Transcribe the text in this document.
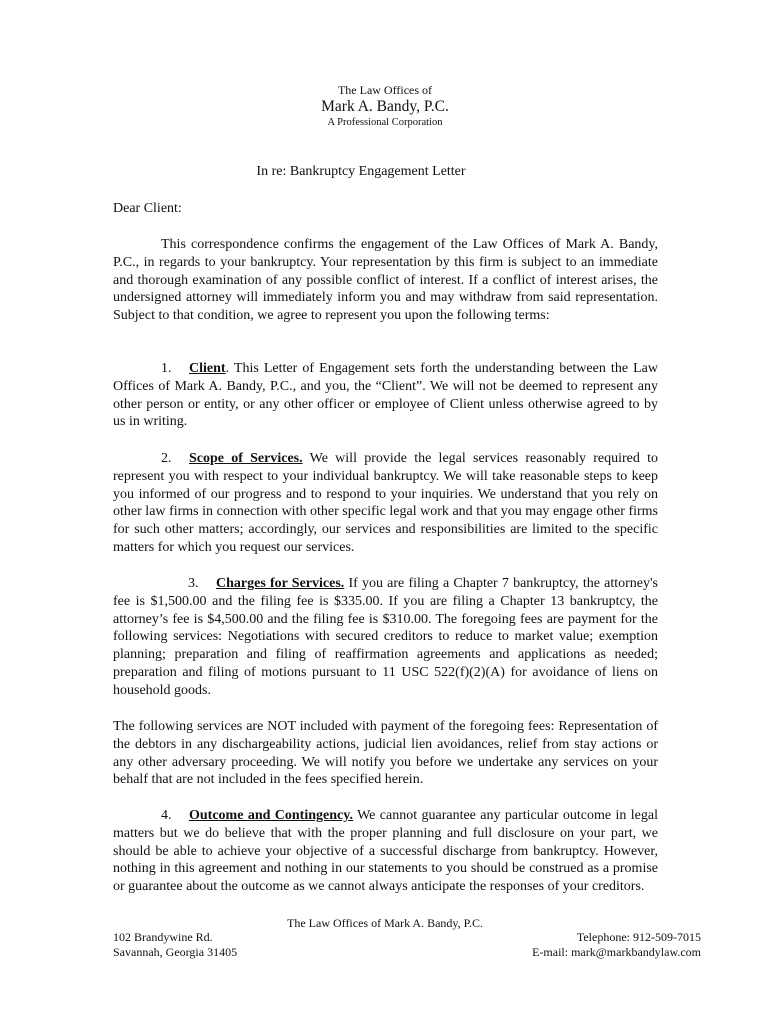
The Law Offices of
Mark A. Bandy, P.C.
A Professional Corporation
In re: Bankruptcy Engagement Letter
Dear Client:

This correspondence confirms the engagement of the Law Offices of Mark A. Bandy, P.C., in regards to your bankruptcy. Your representation by this firm is subject to an immediate and thorough examination of any possible conflict of interest. If a conflict of interest arises, the undersigned attorney will immediately inform you and may withdraw from said representation. Subject to that condition, we agree to represent you upon the following terms:

1. Client. This Letter of Engagement sets forth the understanding between the Law Offices of Mark A. Bandy, P.C., and you, the “Client”. We will not be deemed to represent any other person or entity, or any other officer or employee of Client unless otherwise agreed to by us in writing.

2. Scope of Services. We will provide the legal services reasonably required to represent you with respect to your individual bankruptcy. We will take reasonable steps to keep you informed of our progress and to respond to your inquiries. We understand that you rely on other law firms in connection with other specific legal work and that you may engage other firms for such other matters; accordingly, our services and responsibilities are limited to the specific matters for which you request our services.

3. Charges for Services. If you are filing a Chapter 7 bankruptcy, the attorney's fee is $1,500.00 and the filing fee is $335.00. If you are filing a Chapter 13 bankruptcy, the attorney’s fee is $4,500.00 and the filing fee is $310.00. The foregoing fees are payment for the following services: Negotiations with secured creditors to reduce to market value; exemption planning; preparation and filing of reaffirmation agreements and applications as needed; preparation and filing of motions pursuant to 11 USC 522(f)(2)(A) for avoidance of liens on household goods.

The following services are NOT included with payment of the foregoing fees: Representation of the debtors in any dischargeability actions, judicial lien avoidances, relief from stay actions or any other adversary proceeding. We will notify you before we undertake any services on your behalf that are not included in the fees specified herein.

4. Outcome and Contingency. We cannot guarantee any particular outcome in legal matters but we do believe that with the proper planning and full disclosure on your part, we should be able to achieve your objective of a successful discharge from bankruptcy. However, nothing in this agreement and nothing in our statements to you should be construed as a promise or guarantee about the outcome as we cannot always anticipate the responses of your creditors.

The Law Offices of Mark A. Bandy, P.C.
102 Brandywine Rd.
Savannah, Georgia 31405
Telephone: 912-509-7015
E-mail: mark@markbandylaw.com
